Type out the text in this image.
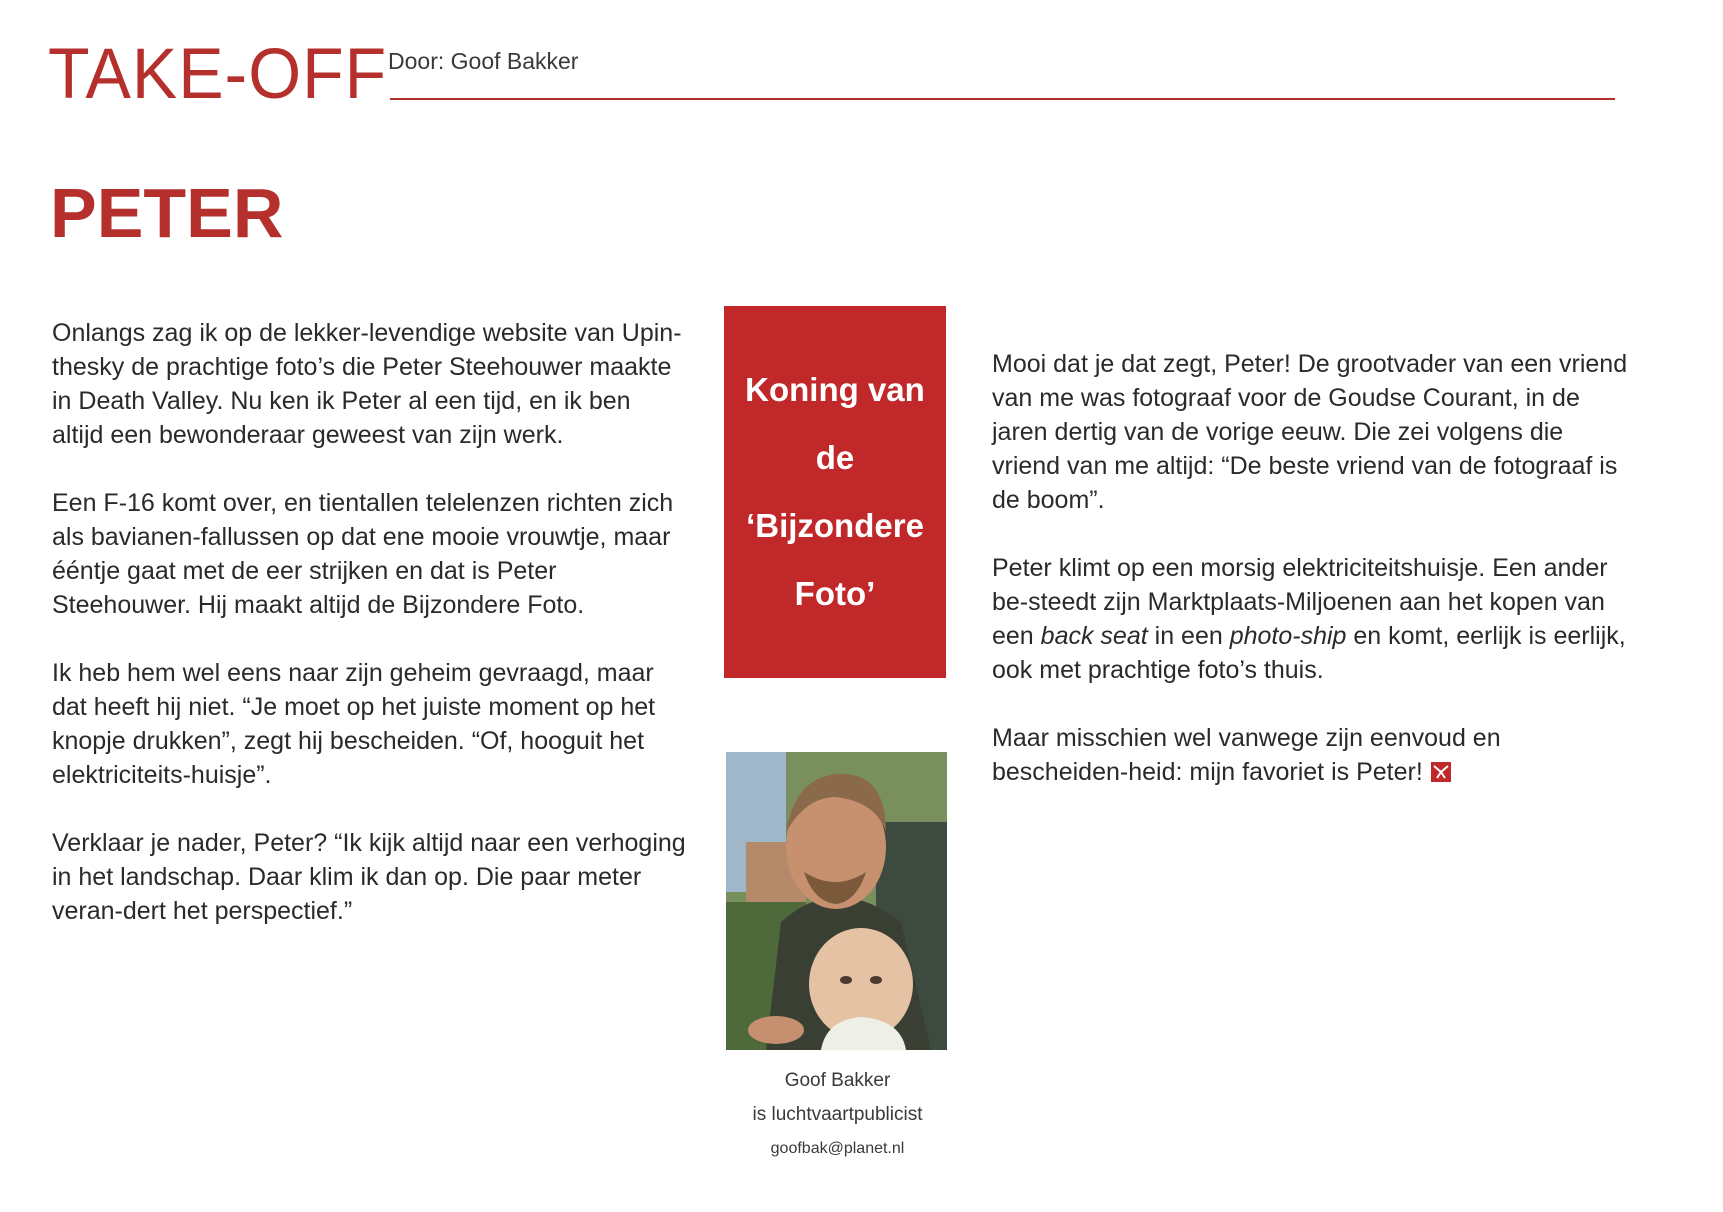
TAKE-OFF Door: Goof Bakker
PETER

Onlangs zag ik op de lekker-levendige website van Upin-thesky de prachtige foto’s die Peter Steehouwer maakte in Death Valley. Nu ken ik Peter al een tijd, en ik ben altijd een bewonderaar geweest van zijn werk.

Een F-16 komt over, en tientallen telelenzen richten zich als bavianen-fallussen op dat ene mooie vrouwtje, maar ééntje gaat met de eer strijken en dat is Peter Steehouwer. Hij maakt altijd de Bijzondere Foto.

Ik heb hem wel eens naar zijn geheim gevraagd, maar dat heeft hij niet. “Je moet op het juiste moment op het knopje drukken”, zegt hij bescheiden. “Of, hooguit het elektriciteits-huisje”.

Verklaar je nader, Peter? “Ik kijk altijd naar een verhoging in het landschap. Daar klim ik dan op. Die paar meter veran-dert het perspectief.”

Koning van de ‘Bijzondere Foto’
Goof Bakker
is luchtvaartpublicist
goofbak@planet.nl

Mooi dat je dat zegt, Peter! De grootvader van een vriend van me was fotograaf voor de Goudse Courant, in de jaren dertig van de vorige eeuw. Die zei volgens die vriend van me altijd: “De beste vriend van de fotograaf is de boom”.

Peter klimt op een morsig elektriciteitshuisje. Een ander be-steedt zijn Marktplaats-Miljoenen aan het kopen van een back seat in een photo-ship en komt, eerlijk is eerlijk, ook met prachtige foto’s thuis.

Maar misschien wel vanwege zijn eenvoud en bescheiden-heid: mijn favoriet is Peter!
